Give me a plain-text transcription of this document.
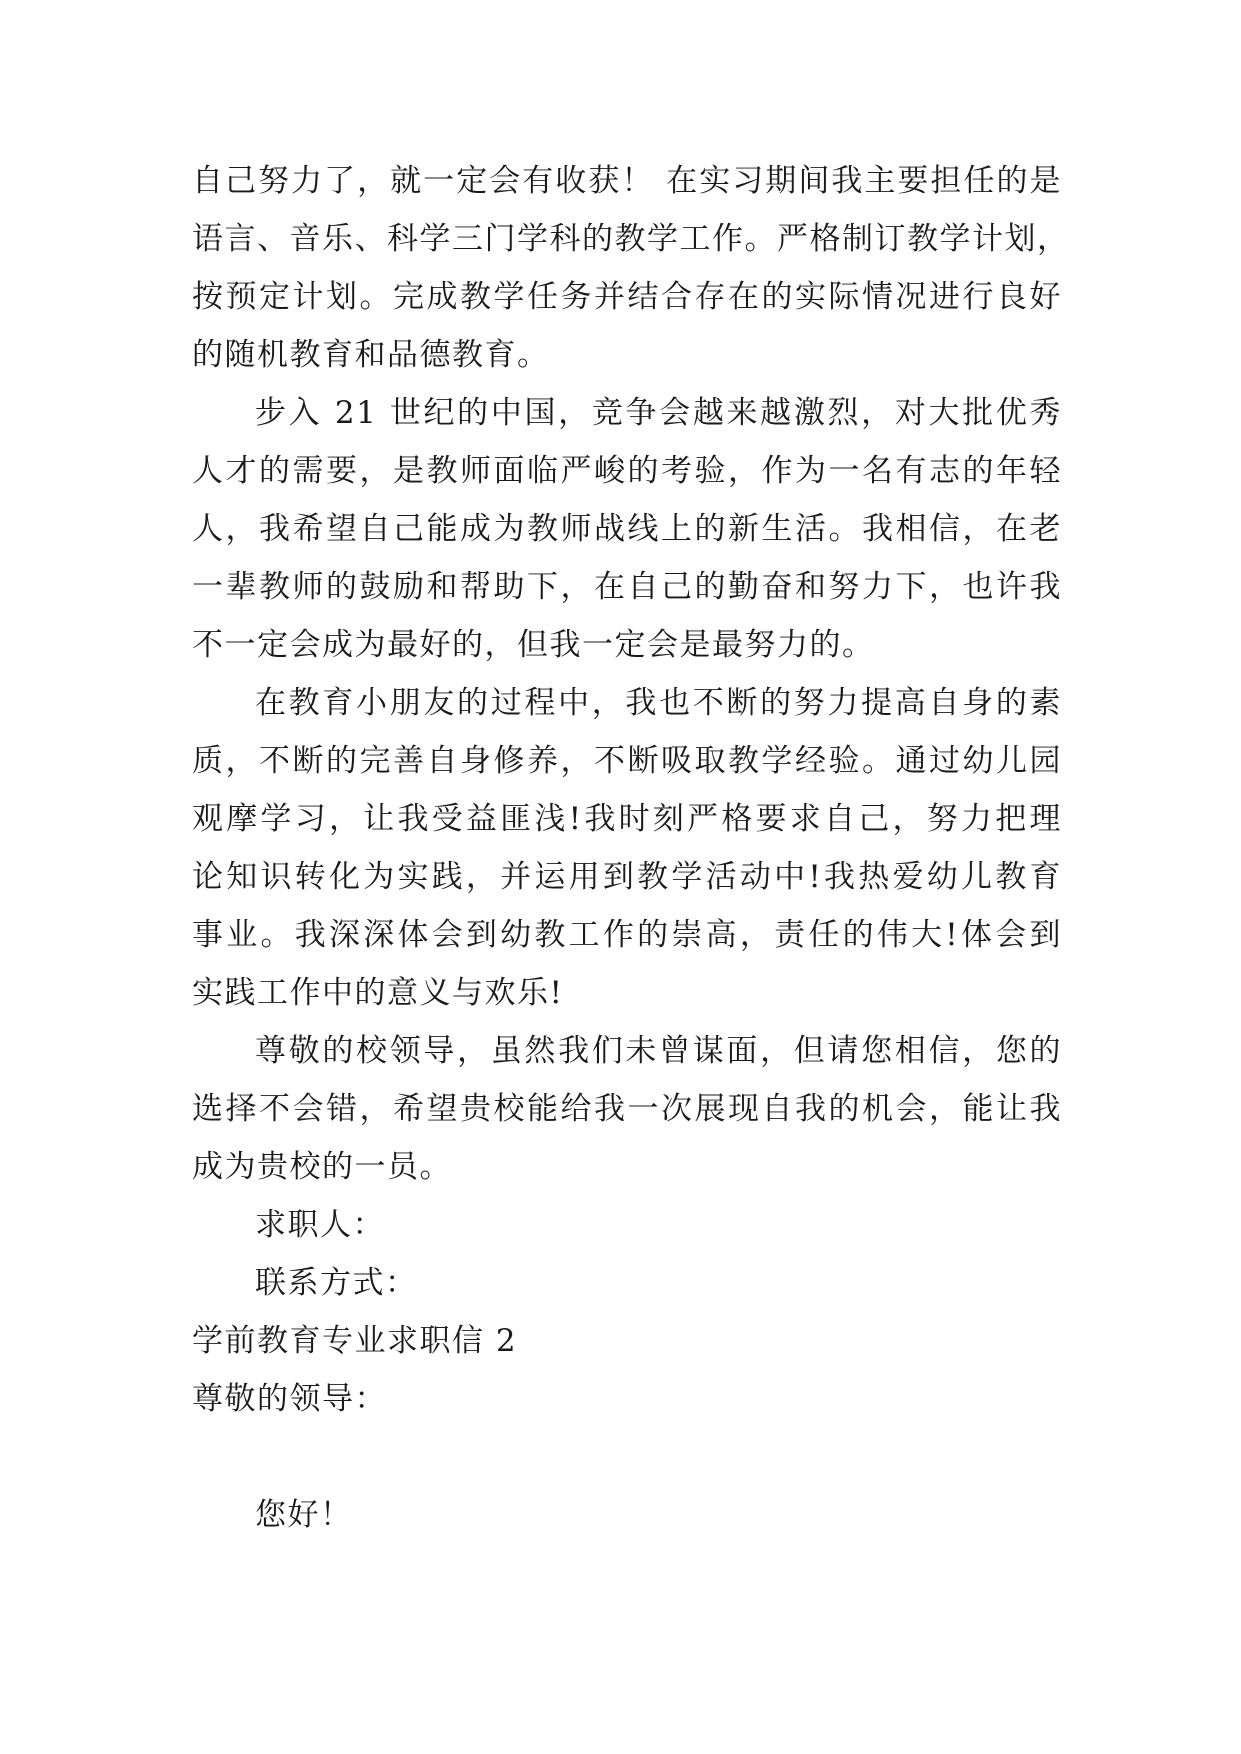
自己努力了，就一定会有收获！ 在实习期间我主要担任的是
语言、音乐、科学三门学科的教学工作。严格制订教学计划，
按预定计划。完成教学任务并结合存在的实际情况进行良好
的随机教育和品德教育。
步入 21 世纪的中国，竞争会越来越激烈，对大批优秀
人才的需要，是教师面临严峻的考验，作为一名有志的年轻
人，我希望自己能成为教师战线上的新生活。我相信，在老
一辈教师的鼓励和帮助下，在自己的勤奋和努力下，也许我
不一定会成为最好的，但我一定会是最努力的。
在教育小朋友的过程中，我也不断的努力提高自身的素
质，不断的完善自身修养，不断吸取教学经验。通过幼儿园
观摩学习，让我受益匪浅!我时刻严格要求自己，努力把理
论知识转化为实践，并运用到教学活动中!我热爱幼儿教育
事业。我深深体会到幼教工作的崇高，责任的伟大!体会到
实践工作中的意义与欢乐!
尊敬的校领导，虽然我们未曾谋面，但请您相信，您的
选择不会错，希望贵校能给我一次展现自我的机会，能让我
成为贵校的一员。
求职人：
联系方式：
学前教育专业求职信 2
尊敬的领导：
您好！
